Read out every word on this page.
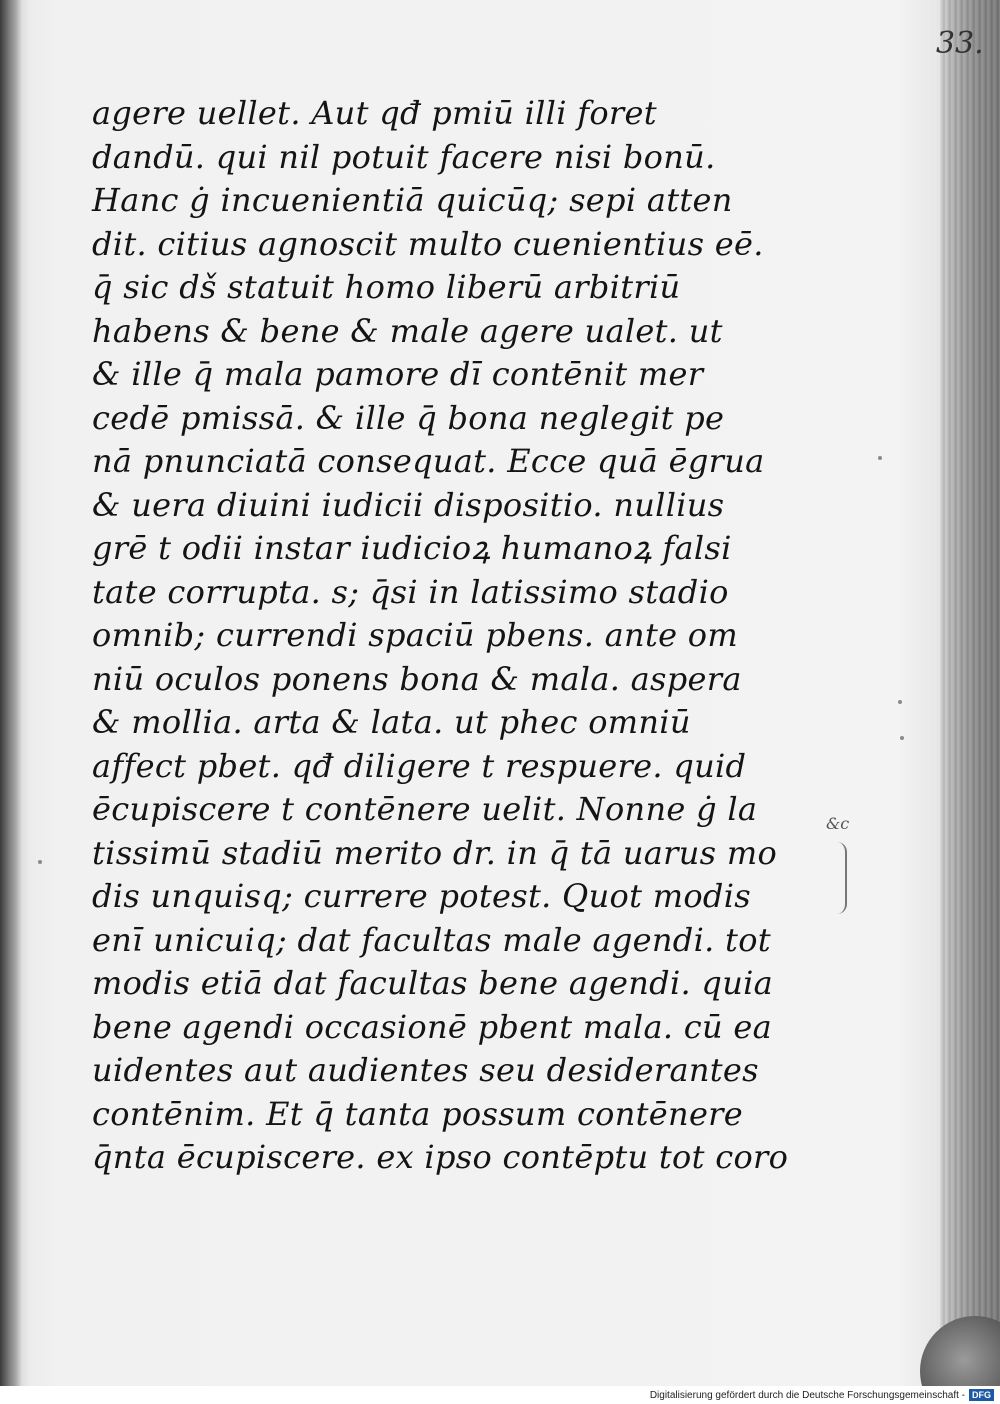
33.
agere uellet. Aut qđ pmiū illi foret
dandū. qui nil potuit facere nisi bonū.
Hanc ġ incuenientiā quicūq; sepi atten
dit. citius agnoscit multo cuenientius eē.
q̄ sic dš statuit homo liberū arbitriū
habens & bene & male agere ualet. ut
& ille q̄ mala pamore dī contēnit mer
cedē pmissā. & ille q̄ bona neglegit pe
nā pnunciatā consequat. Ecce quā ēgrua
& uera diuini iudicii dispositio. nullius
grē t odii instar iudicioꝝ humanoꝝ falsi
tate corrupta. s; q̄si in latissimo stadio
omnib; currendi spaciū pbens. ante om
niū oculos ponens bona & mala. aspera
& mollia. arta & lata. ut phec omniū
affect pbet. qđ diligere t respuere. quid
ēcupiscere t contēnere uelit. Nonne ġ la
tissimū stadiū merito dr. in q̄ tā uarus mo
dis unquisq; currere potest. Quot modis
enī unicuiq; dat facultas male agendi. tot
modis etiā dat facultas bene agendi. quia
bene agendi occasionē pbent mala. cū ea
uidentes aut audientes seu desiderantes
contēnim. Et q̄ tanta possum contēnere
q̄nta ēcupiscere. ex ipso contēptu tot coro
&c
Digitalisierung gefördert durch die Deutsche Forschungsgemeinschaft - DFG
